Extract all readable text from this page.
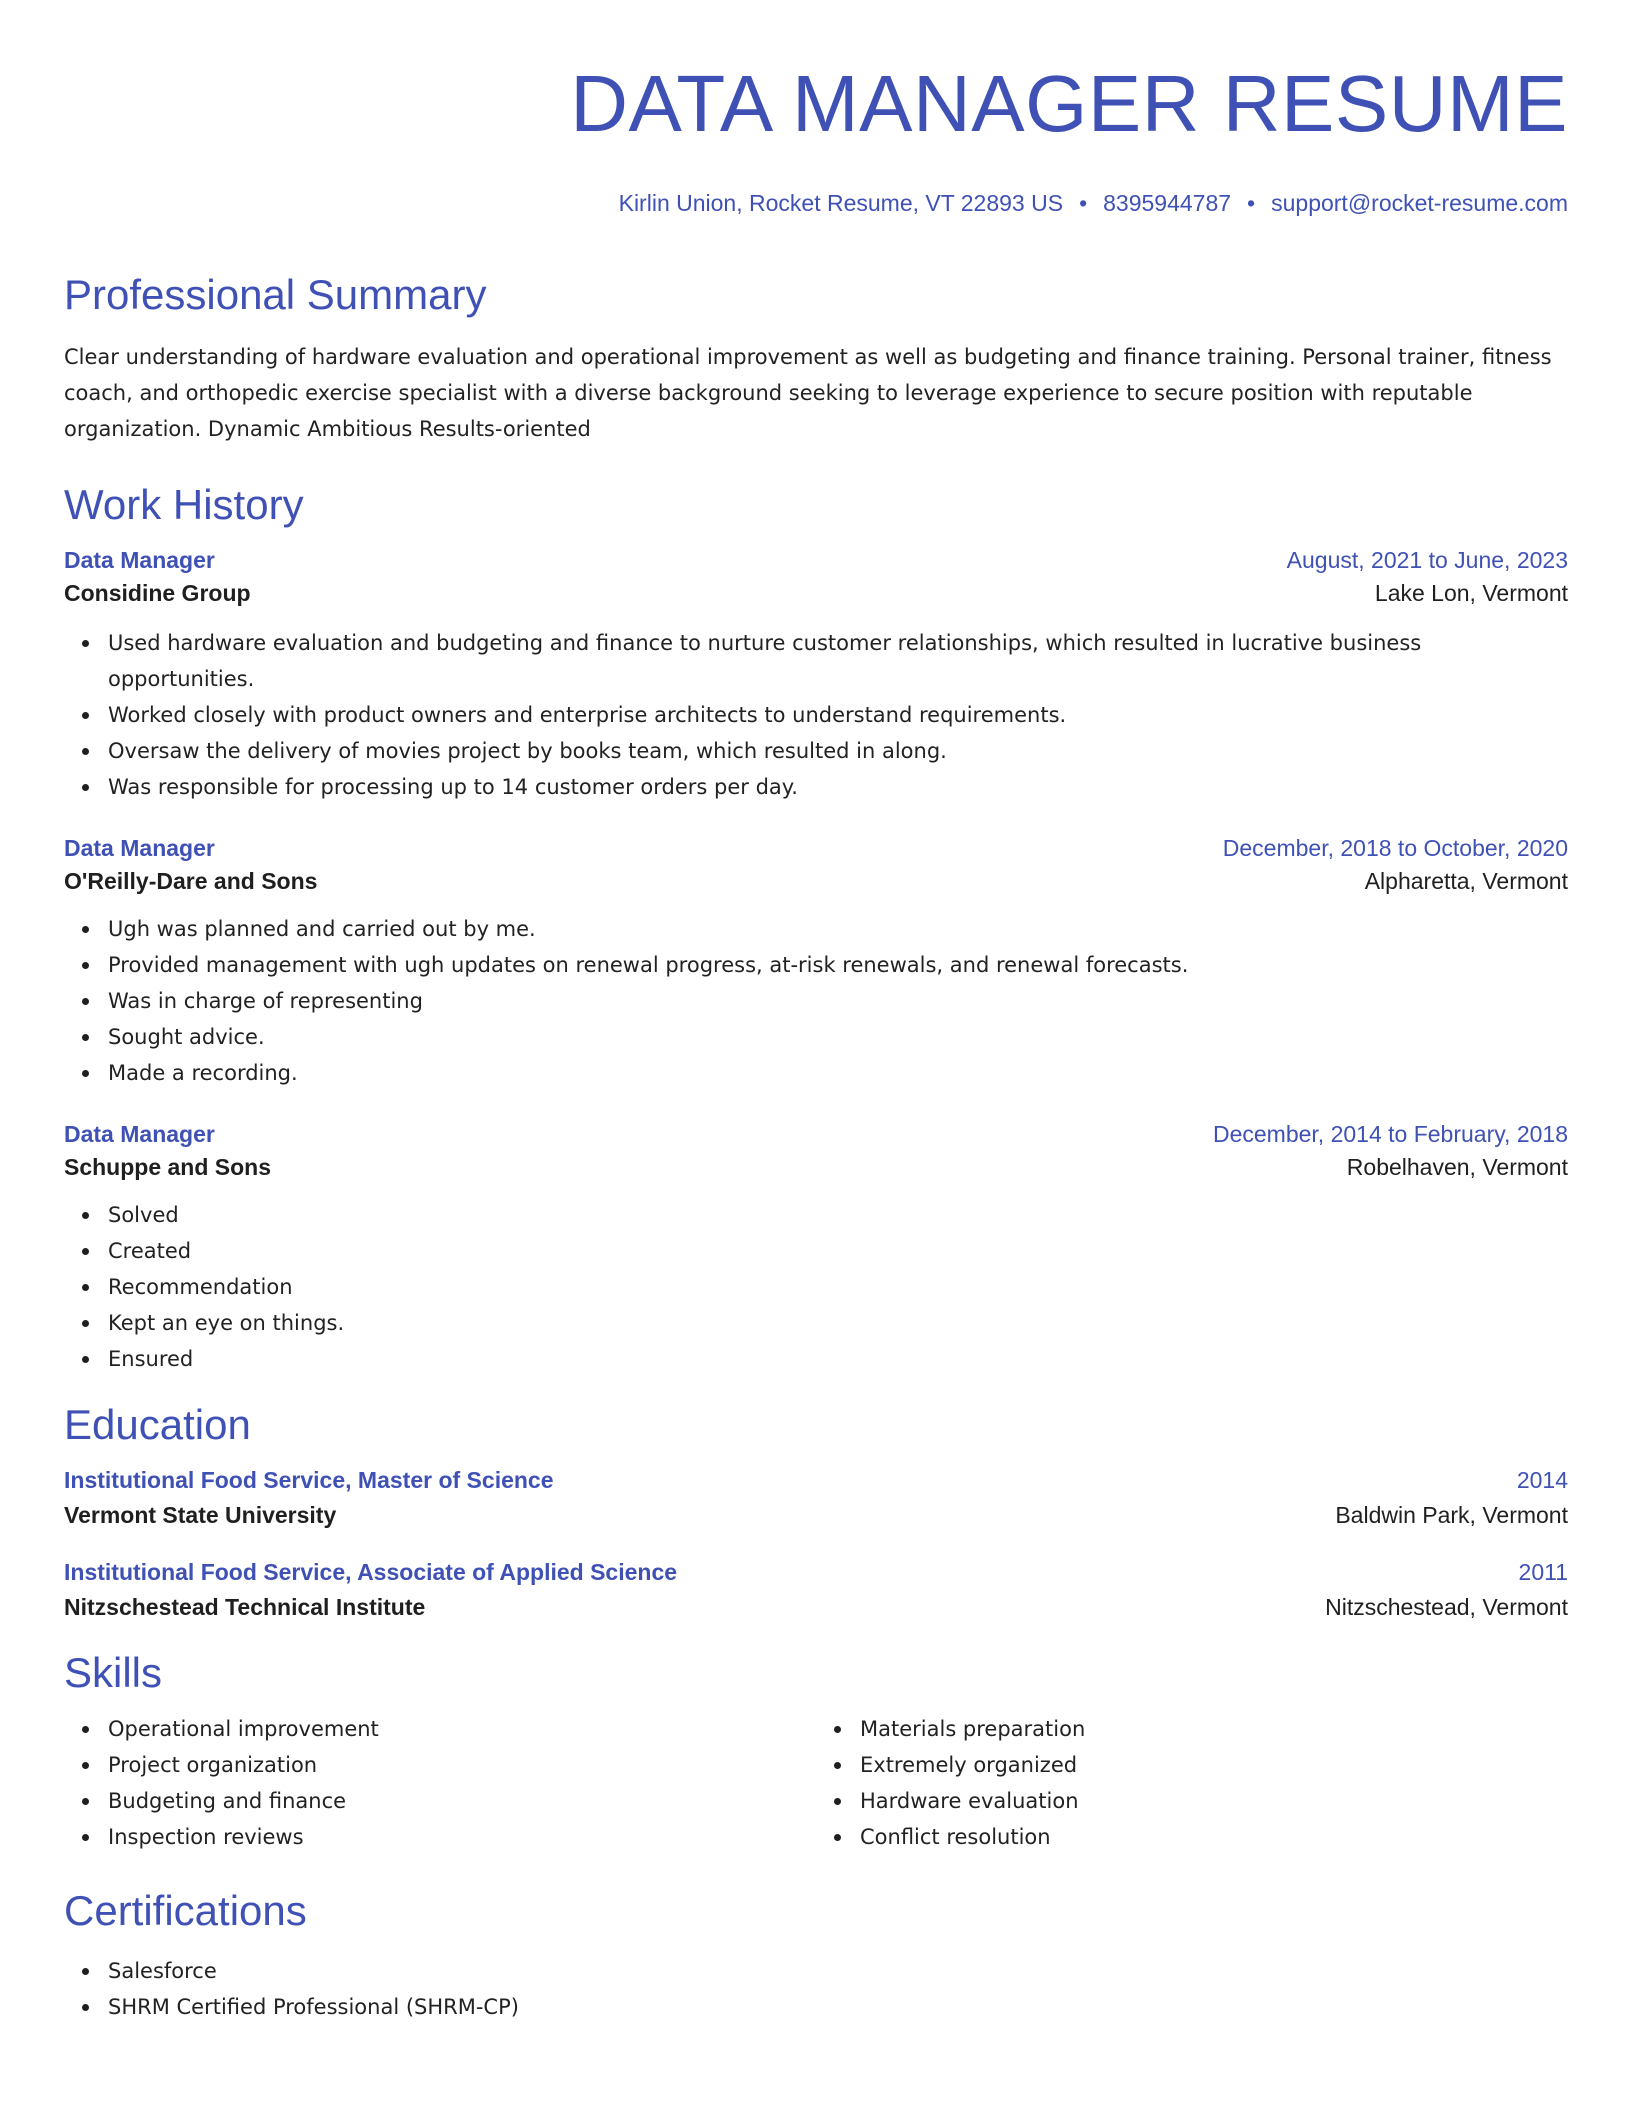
DATA MANAGER RESUME
Kirlin Union, Rocket Resume, VT 22893 US • 8395944787 • support@rocket-resume.com
Professional Summary

Clear understanding of hardware evaluation and operational improvement as well as budgeting and finance training. Personal trainer, fitness coach, and orthopedic exercise specialist with a diverse background seeking to leverage experience to secure position with reputable organization. Dynamic Ambitious Results-oriented

Work History
Data Manager	August, 2021 to June, 2023
Considine Group	Lake Lon, Vermont
Used hardware evaluation and budgeting and finance to nurture customer relationships, which resulted in lucrative business opportunities.
Worked closely with product owners and enterprise architects to understand requirements.
Oversaw the delivery of movies project by books team, which resulted in along.
Was responsible for processing up to 14 customer orders per day.
Data Manager	December, 2018 to October, 2020
O'Reilly-Dare and Sons	Alpharetta, Vermont
Ugh was planned and carried out by me.
Provided management with ugh updates on renewal progress, at-risk renewals, and renewal forecasts.
Was in charge of representing
Sought advice.
Made a recording.
Data Manager	December, 2014 to February, 2018
Schuppe and Sons	Robelhaven, Vermont
Solved
Created
Recommendation
Kept an eye on things.
Ensured
Education
Institutional Food Service, Master of Science	2014
Vermont State University	Baldwin Park, Vermont
Institutional Food Service, Associate of Applied Science	2011
Nitzschestead Technical Institute	Nitzschestead, Vermont
Skills
Operational improvement
Project organization
Budgeting and finance
Inspection reviews
Materials preparation
Extremely organized
Hardware evaluation
Conflict resolution
Certifications
Salesforce
SHRM Certified Professional (SHRM-CP)
